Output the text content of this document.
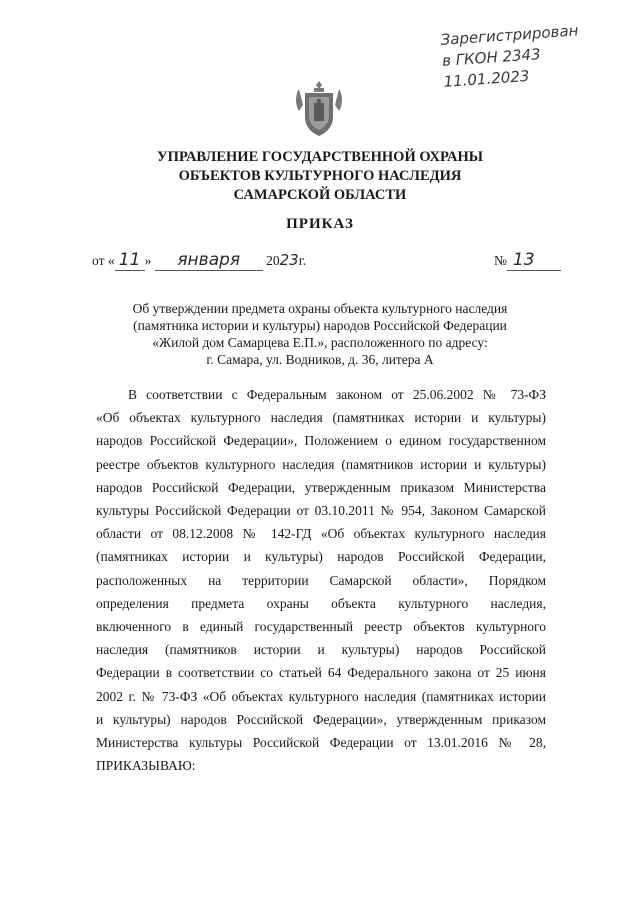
Зарегистрирован
в ГКОН 2343
11.01.2023
УПРАВЛЕНИЕ ГОСУДАРСТВЕННОЙ ОХРАНЫ
ОБЪЕКТОВ КУЛЬТУРНОГО НАСЛЕДИЯ
САМАРСКОЙ ОБЛАСТИ
ПРИКАЗ
от « 11 » января 2023г.	№ 13
Об утверждении предмета охраны объекта культурного наследия
(памятника истории и культуры) народов Российской Федерации
«Жилой дом Самарцева Е.П.», расположенного по адресу:
г. Самара, ул. Водников, д. 36, литера А
В соответствии с Федеральным законом от 25.06.2002 № 73-ФЗ
«Об объектах культурного наследия (памятниках истории и культуры)
народов Российской Федерации», Положением о едином государственном
реестре объектов культурного наследия (памятников истории и культуры)
народов Российской Федерации, утвержденным приказом Министерства
культуры Российской Федерации от 03.10.2011 № 954, Законом Самарской
области от 08.12.2008 № 142-ГД «Об объектах культурного наследия
(памятниках истории и культуры) народов Российской Федерации,
расположенных на территории Самарской области», Порядком
определения предмета охраны объекта культурного наследия,
включенного в единый государственный реестр объектов культурного
наследия (памятников истории и культуры) народов Российской
Федерации в соответствии со статьей 64 Федерального закона от 25 июня
2002 г. № 73-ФЗ «Об объектах культурного наследия (памятниках истории
и культуры) народов Российской Федерации», утвержденным приказом
Министерства культуры Российской Федерации от 13.01.2016 № 28,
ПРИКАЗЫВАЮ:
